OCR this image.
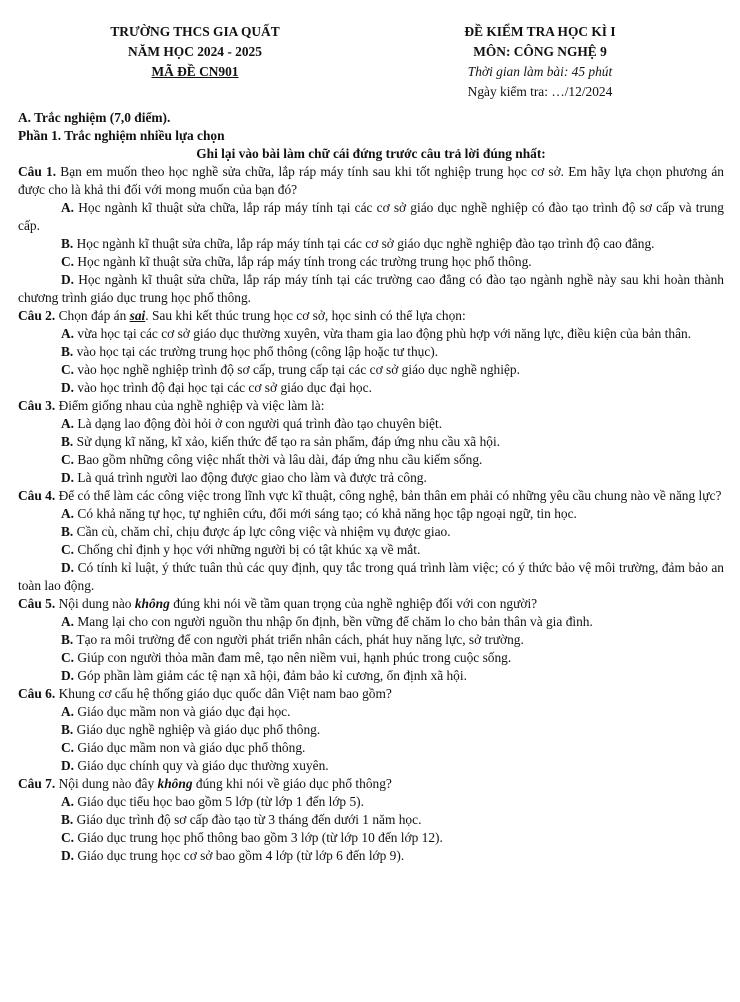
TRƯỜNG THCS GIA QUẤT
NĂM HỌC 2024 - 2025
MÃ ĐỀ CN901
ĐỀ KIỂM TRA HỌC KÌ I
MÔN: CÔNG NGHỆ 9
Thời gian làm bài: 45 phút
Ngày kiểm tra: …/12/2024
A. Trắc nghiệm (7,0 điểm).
Phần 1. Trắc nghiệm nhiều lựa chọn
Ghi lại vào bài làm chữ cái đứng trước câu trả lời đúng nhất:
Câu 1. Bạn em muốn theo học nghề sửa chữa, lắp ráp máy tính sau khi tốt nghiệp trung học cơ sở. Em hãy lựa chọn phương án được cho là khả thi đối với mong muốn của bạn đó?
A. Học ngành kĩ thuật sửa chữa, lắp ráp máy tính tại các cơ sở giáo dục nghề nghiệp có đào tạo trình độ sơ cấp và trung cấp.
B. Học ngành kĩ thuật sửa chữa, lắp ráp máy tính tại các cơ sở giáo dục nghề nghiệp đào tạo trình độ cao đẳng.
C. Học ngành kĩ thuật sửa chữa, lắp ráp máy tính trong các trường trung học phổ thông.
D. Học ngành kĩ thuật sửa chữa, lắp ráp máy tính tại các trường cao đẳng có đào tạo ngành nghề này sau khi hoàn thành chương trình giáo dục trung học phổ thông.
Câu 2. Chọn đáp án sai. Sau khi kết thúc trung học cơ sở, học sinh có thể lựa chọn:
A. vừa học tại các cơ sở giáo dục thường xuyên, vừa tham gia lao động phù hợp với năng lực, điều kiện của bản thân.
B. vào học tại các trường trung học phổ thông (công lập hoặc tư thục).
C. vào học nghề nghiệp trình độ sơ cấp, trung cấp tại các cơ sở giáo dục nghề nghiệp.
D. vào học trình độ đại học tại các cơ sở giáo dục đại học.
Câu 3. Điểm giống nhau của nghề nghiệp và việc làm là:
A. Là dạng lao động đòi hỏi ở con người quá trình đào tạo chuyên biệt.
B. Sử dụng kĩ năng, kĩ xảo, kiến thức để tạo ra sản phẩm, đáp ứng nhu cầu xã hội.
C. Bao gồm những công việc nhất thời và lâu dài, đáp ứng nhu cầu kiếm sống.
D. Là quá trình người lao động được giao cho làm và được trả công.
Câu 4. Để có thể làm các công việc trong lĩnh vực kĩ thuật, công nghệ, bản thân em phải có những yêu cầu chung nào về năng lực?
A. Có khả năng tự học, tự nghiên cứu, đổi mới sáng tạo; có khả năng học tập ngoại ngữ, tin học.
B. Cần cù, chăm chỉ, chịu được áp lực công việc và nhiệm vụ được giao.
C. Chống chỉ định y học với những người bị có tật khúc xạ về mắt.
D. Có tính kỉ luật, ý thức tuân thủ các quy định, quy tắc trong quá trình làm việc; có ý thức bảo vệ môi trường, đảm bảo an toàn lao động.
Câu 5. Nội dung nào không đúng khi nói về tầm quan trọng của nghề nghiệp đối với con người?
A. Mang lại cho con người nguồn thu nhập ổn định, bền vững để chăm lo cho bản thân và gia đình.
B. Tạo ra môi trường để con người phát triển nhân cách, phát huy năng lực, sở trường.
C. Giúp con người thỏa mãn đam mê, tạo nên niềm vui, hạnh phúc trong cuộc sống.
D. Góp phần làm giảm các tệ nạn xã hội, đảm bảo kỉ cương, ổn định xã hội.
Câu 6. Khung cơ cấu hệ thống giáo dục quốc dân Việt nam bao gồm?
A. Giáo dục mầm non và giáo dục đại học.
B. Giáo dục nghề nghiệp và giáo dục phổ thông.
C. Giáo dục mầm non và giáo dục phổ thông.
D. Giáo dục chính quy và giáo dục thường xuyên.
Câu 7. Nội dung nào đây không đúng khi nói về giáo dục phổ thông?
A. Giáo dục tiểu học bao gồm 5 lớp (từ lớp 1 đến lớp 5).
B. Giáo dục trình độ sơ cấp đào tạo từ 3 tháng đến dưới 1 năm học.
C. Giáo dục trung học phổ thông bao gồm 3 lớp (từ lớp 10 đến lớp 12).
D. Giáo dục trung học cơ sở bao gồm 4 lớp (từ lớp 6 đến lớp 9).
